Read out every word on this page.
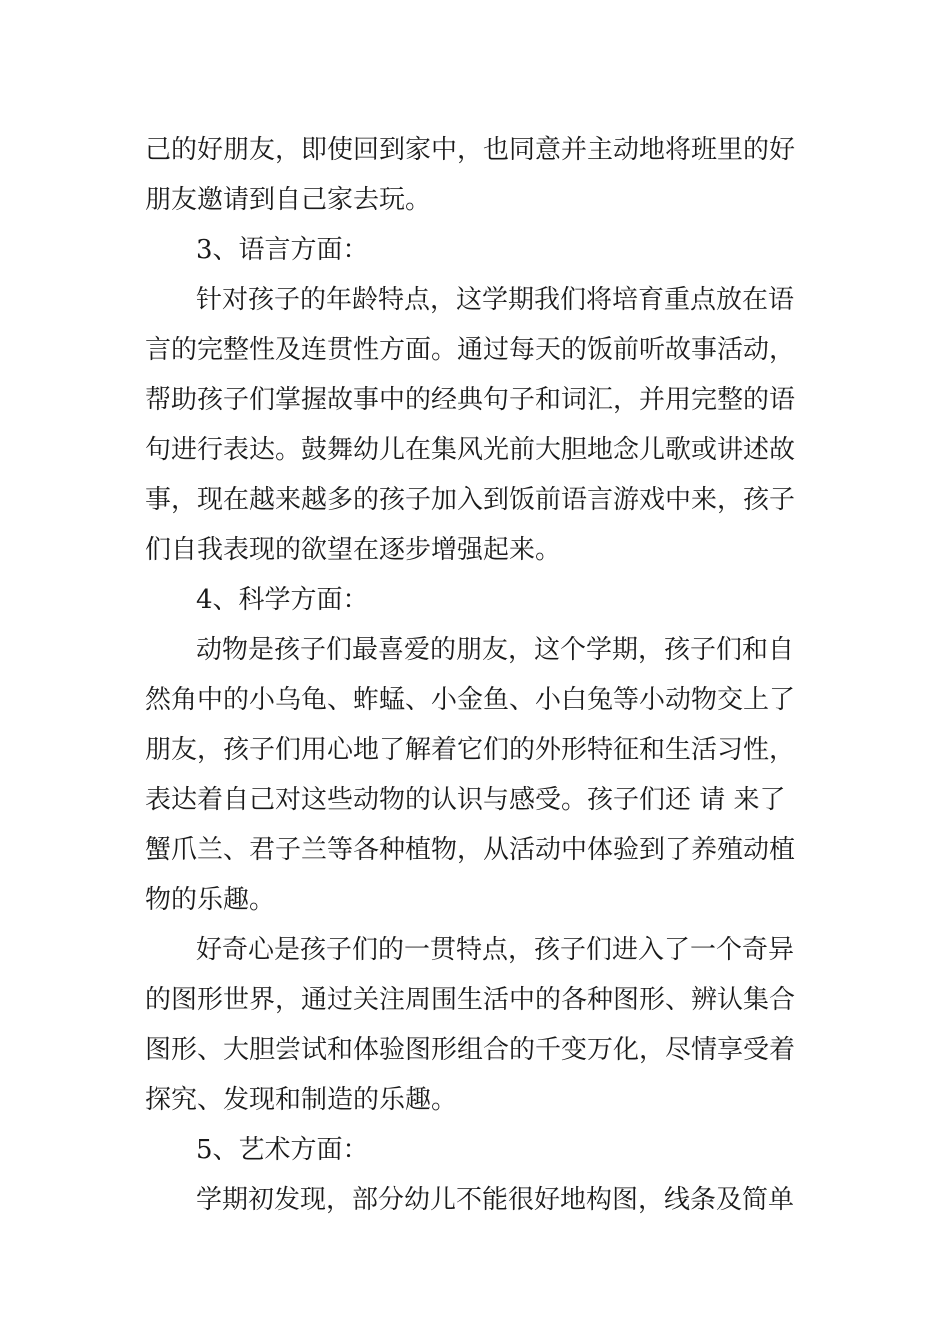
己的好朋友，即使回到家中，也同意并主动地将班里的好
朋友邀请到自己家去玩。
3、语言方面：
针对孩子的年龄特点，这学期我们将培育重点放在语
言的完整性及连贯性方面。通过每天的饭前听故事活动，
帮助孩子们掌握故事中的经典句子和词汇，并用完整的语
句进行表达。鼓舞幼儿在集风光前大胆地念儿歌或讲述故
事，现在越来越多的孩子加入到饭前语言游戏中来，孩子
们自我表现的欲望在逐步增强起来。
4、科学方面：
动物是孩子们最喜爱的朋友，这个学期，孩子们和自
然角中的小乌龟、蚱蜢、小金鱼、小白兔等小动物交上了
朋友，孩子们用心地了解着它们的外形特征和生活习性，
表达着自己对这些动物的认识与感受。孩子们还 请 来了
蟹爪兰、君子兰等各种植物，从活动中体验到了养殖动植
物的乐趣。
好奇心是孩子们的一贯特点，孩子们进入了一个奇异
的图形世界，通过关注周围生活中的各种图形、辨认集合
图形、大胆尝试和体验图形组合的千变万化，尽情享受着
探究、发现和制造的乐趣。
5、艺术方面：
学期初发现，部分幼儿不能很好地构图，线条及简单
